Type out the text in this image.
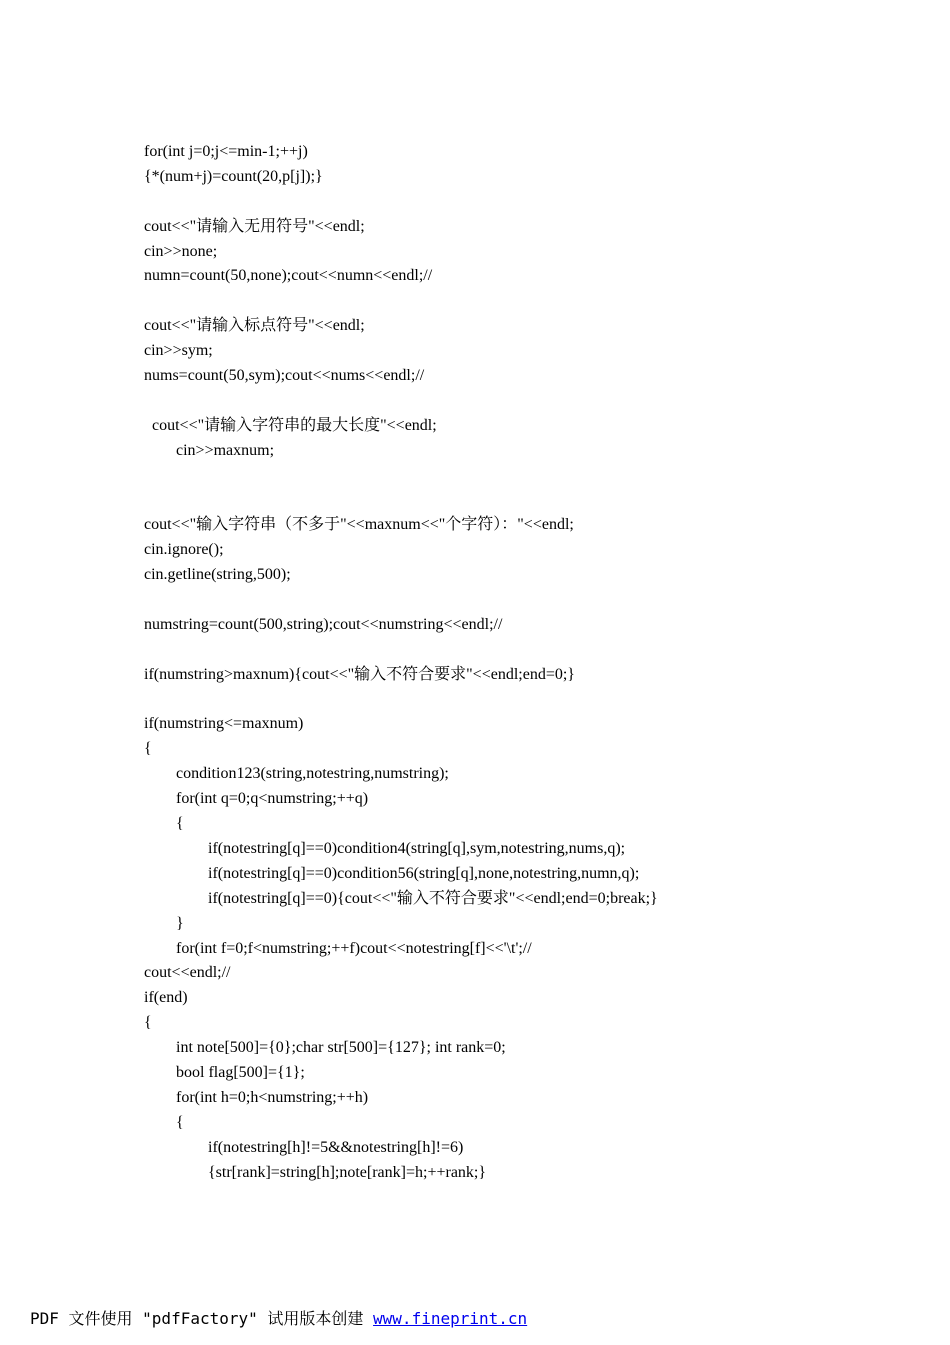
for(int j=0;j<=min-1;++j)
{*(num+j)=count(20,p[j]);}
cout<<"请输入无用符号"<<endl;
cin>>none;
numn=count(50,none);cout<<numn<<endl;//
cout<<"请输入标点符号"<<endl;
cin>>sym;
nums=count(50,sym);cout<<nums<<endl;//
cout<<"请输入字符串的最大长度"<<endl;
cin>>maxnum;
cout<<"输入字符串（不多于"<<maxnum<<"个字符）："<<endl;
cin.ignore();
cin.getline(string,500);
numstring=count(500,string);cout<<numstring<<endl;//
if(numstring>maxnum){cout<<"输入不符合要求"<<endl;end=0;}
if(numstring<=maxnum)
{
condition123(string,notestring,numstring);
for(int q=0;q<numstring;++q)
{
if(notestring[q]==0)condition4(string[q],sym,notestring,nums,q);
if(notestring[q]==0)condition56(string[q],none,notestring,numn,q);
if(notestring[q]==0){cout<<"输入不符合要求"<<endl;end=0;break;}
}
for(int f=0;f<numstring;++f)cout<<notestring[f]<<'\t';//
cout<<endl;//
if(end)
{
int note[500]={0};char str[500]={127}; int rank=0;
bool flag[500]={1};
for(int h=0;h<numstring;++h)
{
if(notestring[h]!=5&&notestring[h]!=6)
{str[rank]=string[h];note[rank]=h;++rank;}
PDF 文件使用 "pdfFactory" 试用版本创建 www.fineprint.cn
